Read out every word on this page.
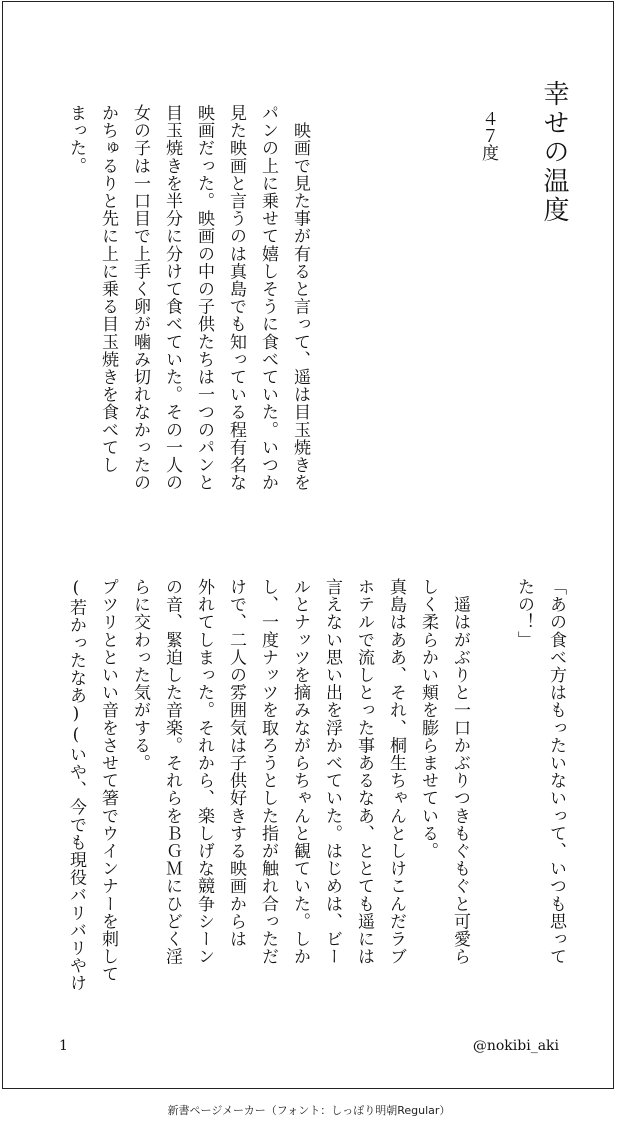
幸せの温度
４７度
　映画で見た事が有ると言って、遥は目玉焼きを
パンの上に乗せて嬉しそうに食べていた。いつか
見た映画と言うのは真島でも知っている程有名な
映画だった。映画の中の子供たちは一つのパンと
目玉焼きを半分に分けて食べていた。その一人の
女の子は一口目で上手く卵が噛み切れなかったの
かちゅるりと先に上に乗る目玉焼きを食べてし
まった。
「あの食べ方はもったいないって、いつも思って
たの！」
　遥はがぶりと一口かぶりつきもぐもぐと可愛ら
しく柔らかい頬を膨らませている。
真島はああ、それ、桐生ちゃんとしけこんだラブ
ホテルで流しとった事あるなあ、ととても遥には
言えない思い出を浮かべていた。はじめは、ビー
ルとナッツを摘みながらちゃんと観ていた。しか
し、一度ナッツを取ろうとした指が触れ合っただ
けで、二人の雰囲気は子供好きする映画からは
外れてしまった。それから、楽しげな競争シーン
の音、緊迫した音楽。それらをＢＧＭにひどく淫
らに交わった気がする。
プツリとといい音をさせて箸でウインナーを刺して
(若かったなあ)(いや、今でも現役バリバリやけ
1	@nokibi_aki
新書ページメーカー（フォント：しっぽり明朝Regular）
